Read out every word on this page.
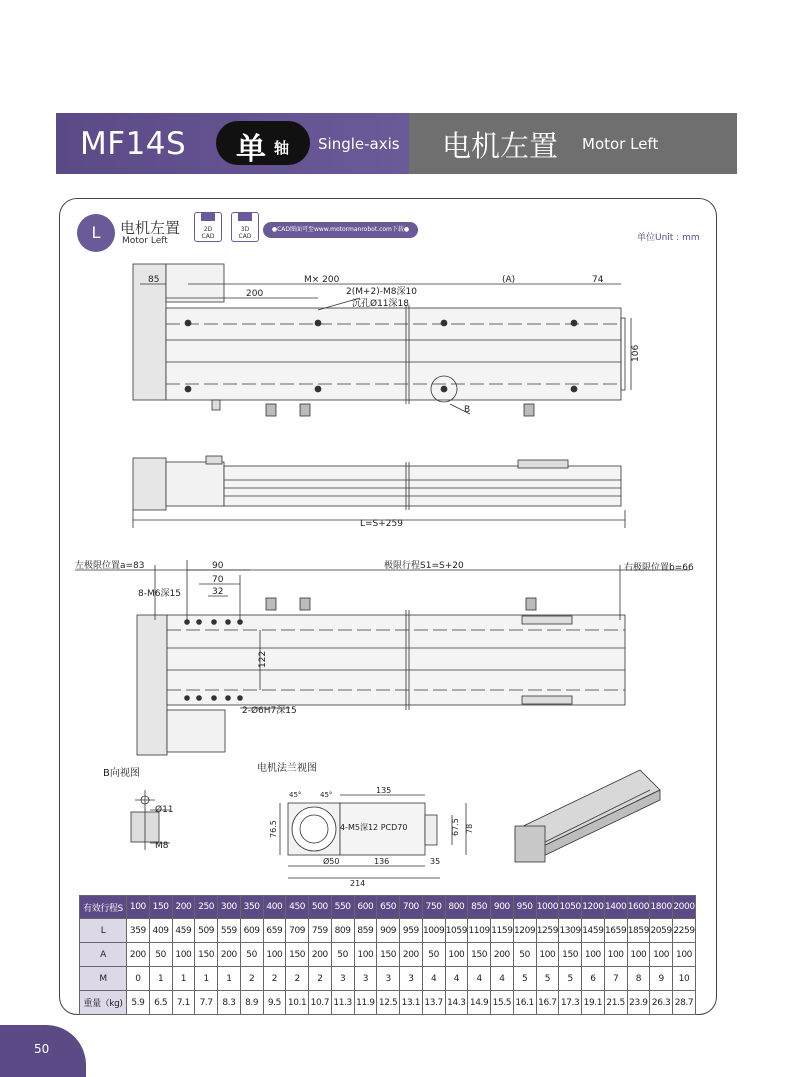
MF14S 单 轴 Single-axis 电机左置 Motor Left
L	电机左置
Motor Left
2D
CAD
3D
CAD
●CAD图面可至www.motormanrobot.com下载●
单位Unit : mm
85	M× 200
200
(A)	74
2(M+2)-M8深10
沉孔Ø11深18
106
B
L=S+259
左极限位置a=83	极限行程S1=S+20	右极限位置b=66
90
70
32
8-M6深15
122
2-Ø6H7深15
B向视图
Ø11
M8
电机法兰视图
45°	45°	135
76.5	67.5 78
4-M5深12 PCD70
Ø50	136	35
214
有效行程S	100	150	200	250	300	350	400	450	500	550	600	650	700	750	800	850	900	950	1000	1050	1200	1400	1600	1800	2000
L	359	409	459	509	559	609	659	709	759	809	859	909	959	1009	1059	1109	1159	1209	1259	1309	1459	1659	1859	2059	2259
A	200	50	100	150	200	50	100	150	200	50	100	150	200	50	100	150	200	50	100	150	100	100	100	100	100
M	0	1	1	1	1	2	2	2	2	3	3	3	3	4	4	4	4	5	5	5	6	7	8	9	10
重量（kg)	5.9	6.5	7.1	7.7	8.3	8.9	9.5	10.1	10.7	11.3	11.9	12.5	13.1	13.7	14.3	14.9	15.5	16.1	16.7	17.3	19.1	21.5	23.9	26.3	28.7
50
